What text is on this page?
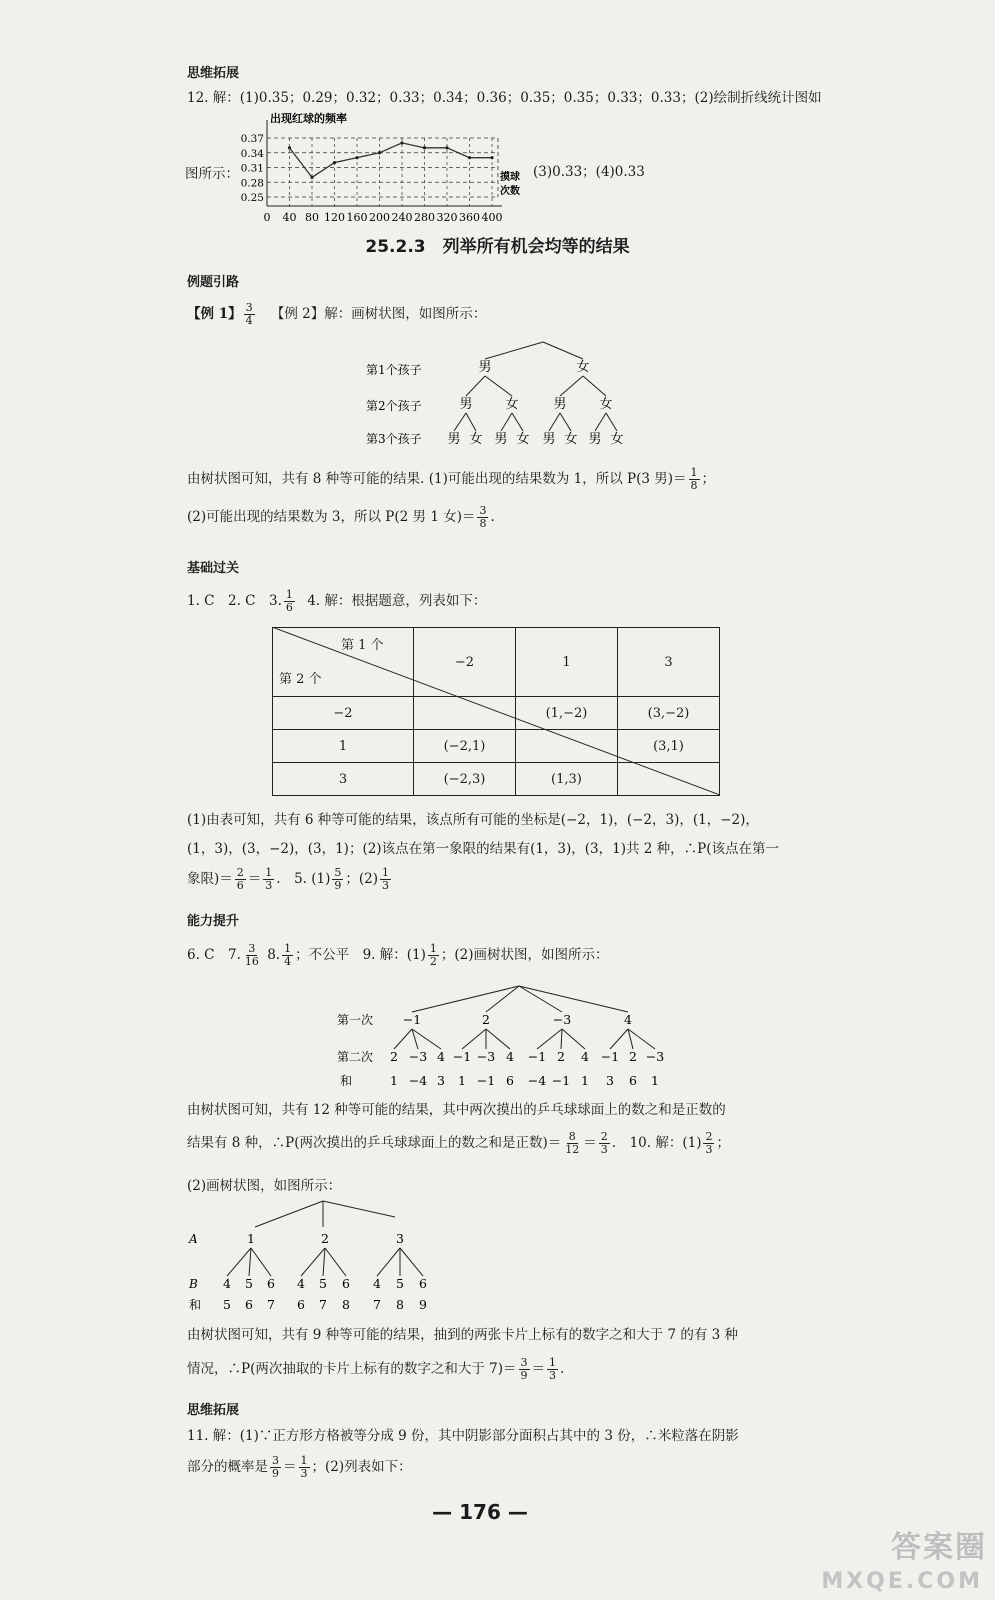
思维拓展
12. 解：(1)0.35；0.29；0.32；0.33；0.34；0.36；0.35；0.35；0.33；0.33；(2)绘制折线统计图如
图所示：	(3)0.33；(4)0.33
出现红球的频率
0.37
0.34
0.31
0.28
0.25
0 40 80 120 160 200 240 280 320 360 400
摸球
次数
25.2.3　列举所有机会均等的结果
例题引路
【例 1】 $\frac{3}{4}$ 【例 2】解：画树状图，如图所示：
第1个孩子
第2个孩子
第3个孩子
男	女
男	女	男	女
男 女 男 女 男 女 男 女
由树状图可知，共有 8 种等可能的结果. (1)可能出现的结果数为 1，所以 P(3 男)＝ $\frac{1}{8}$ ；
(2)可能出现的结果数为 3，所以 P(2 男 1 女)＝ $\frac{3}{8}$ .
基础过关
1. C　2. C　3. $\frac{1}{6} 4$. 解：根据题意，列表如下：
第 1 个
第 2 个	−2	1	3
−2		(1,−2)	(3,−2)
1	(−2,1)		(3,1)
3	(−2,3)	(1,3)	
(1)由表可知，共有 6 种等可能的结果，该点所有可能的坐标是(−2，1)，(−2，3)，(1，−2)，
(1，3)，(3，−2)，(3，1)；(2)该点在第一象限的结果有(1，3)，(3，1)共 2 种，∴P(该点在第一
象限)＝ $\frac{2}{6} = \frac{1}{3}$ .　5. $(1) \frac{5}{9}$ ；$(2) \frac{1}{3}$
能力提升
6. C　7. $\frac{3}{16} 8$. $\frac{1}{4}$ ；不公平　9. 解：$(1) \frac{1}{2}$ ；(2)画树状图，如图所示：
第一次
第二次
和
−1	2	−3	4
2
1
−3
−4
4
3
−1
1
−3
−1
4
6
−1
−4
2
−1
4
1
−1
3
2
6
−3
1
由树状图可知，共有 12 种等可能的结果，其中两次摸出的乒乓球球面上的数之和是正数的
结果有 8 种，∴P(两次摸出的乒乓球球面上的数之和是正数)＝ $\frac{8}{12} = \frac{2}{3}$ .　10. 解：$(1) \frac{2}{3}$ ；
(2)画树状图，如图所示：
A
B
和
1	2	3
4
5
5
6
6
7
4
6
5
7
6
8
4
7
5
8
6
9
由树状图可知，共有 9 种等可能的结果，抽到的两张卡片上标有的数字之和大于 7 的有 3 种
情况，∴P(两次抽取的卡片上标有的数字之和大于 $7)= \frac{3}{9} = \frac{1}{3}$ .
思维拓展
11. 解：(1)∵正方形方格被等分成 9 份，其中阴影部分面积占其中的 3 份，∴米粒落在阴影
部分的概率是 $\frac{3}{9} = \frac{1}{3}$ ；(2)列表如下：
— 176 —
答案圈
MXQE.COM
